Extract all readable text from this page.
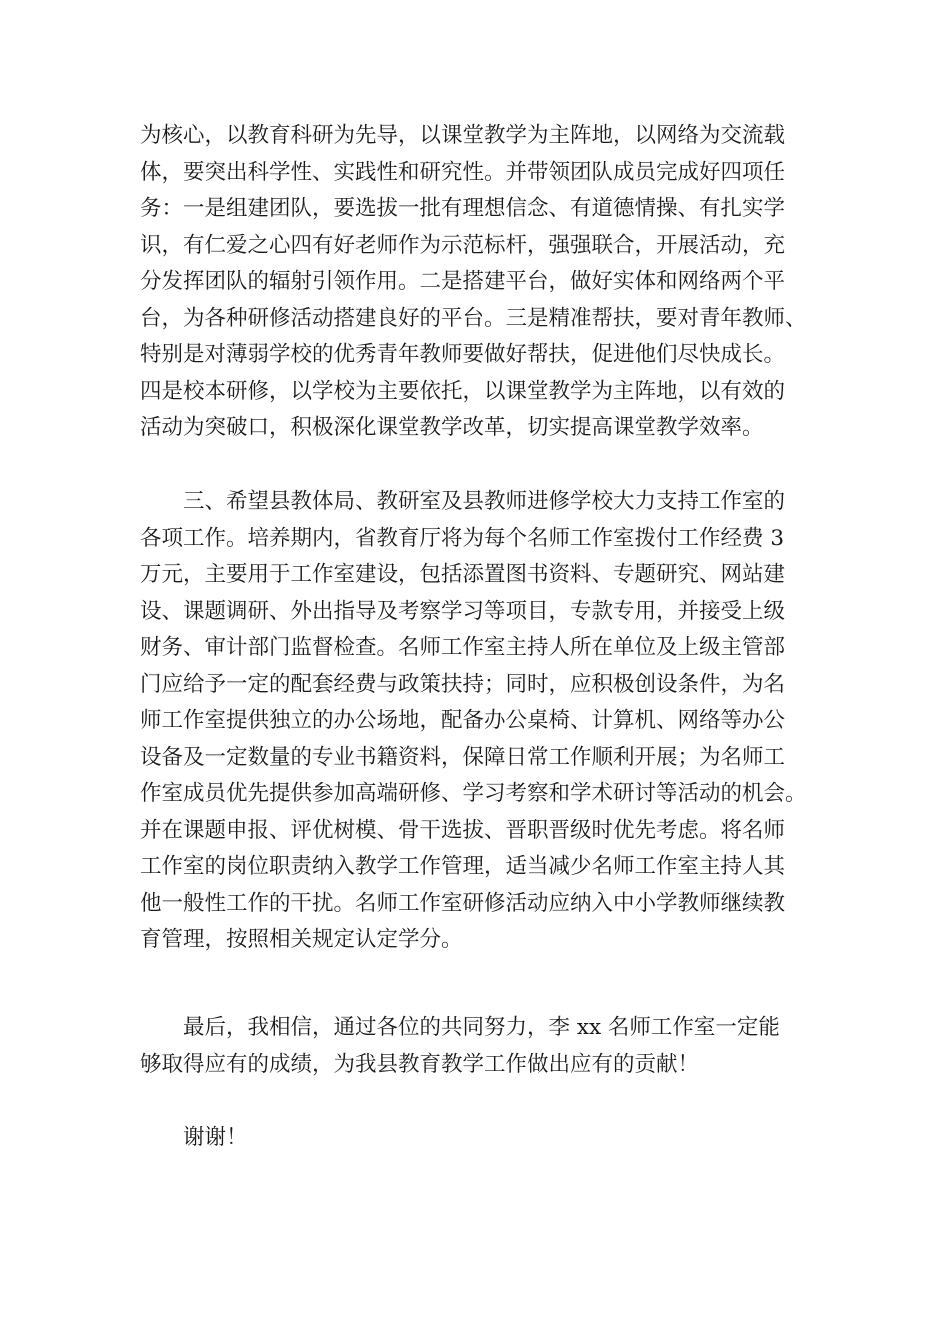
为核心，以教育科研为先导，以课堂教学为主阵地，以网络为交流载
体，要突出科学性、实践性和研究性。并带领团队成员完成好四项任
务：一是组建团队，要选拔一批有理想信念、有道德情操、有扎实学
识，有仁爱之心四有好老师作为示范标杆，强强联合，开展活动，充
分发挥团队的辐射引领作用。二是搭建平台，做好实体和网络两个平
台，为各种研修活动搭建良好的平台。三是精准帮扶，要对青年教师、
特别是对薄弱学校的优秀青年教师要做好帮扶，促进他们尽快成长。
四是校本研修，以学校为主要依托，以课堂教学为主阵地，以有效的
活动为突破口，积极深化课堂教学改革，切实提高课堂教学效率。
三、希望县教体局、教研室及县教师进修学校大力支持工作室的
各项工作。培养期内，省教育厅将为每个名师工作室拨付工作经费 3
万元，主要用于工作室建设，包括添置图书资料、专题研究、网站建
设、课题调研、外出指导及考察学习等项目，专款专用，并接受上级
财务、审计部门监督检查。名师工作室主持人所在单位及上级主管部
门应给予一定的配套经费与政策扶持；同时，应积极创设条件，为名
师工作室提供独立的办公场地，配备办公桌椅、计算机、网络等办公
设备及一定数量的专业书籍资料，保障日常工作顺利开展；为名师工
作室成员优先提供参加高端研修、学习考察和学术研讨等活动的机会。
并在课题申报、评优树模、骨干选拔、晋职晋级时优先考虑。将名师
工作室的岗位职责纳入教学工作管理，适当减少名师工作室主持人其
他一般性工作的干扰。名师工作室研修活动应纳入中小学教师继续教
育管理，按照相关规定认定学分。
最后，我相信，通过各位的共同努力，李 xx 名师工作室一定能
够取得应有的成绩，为我县教育教学工作做出应有的贡献！
谢谢！
